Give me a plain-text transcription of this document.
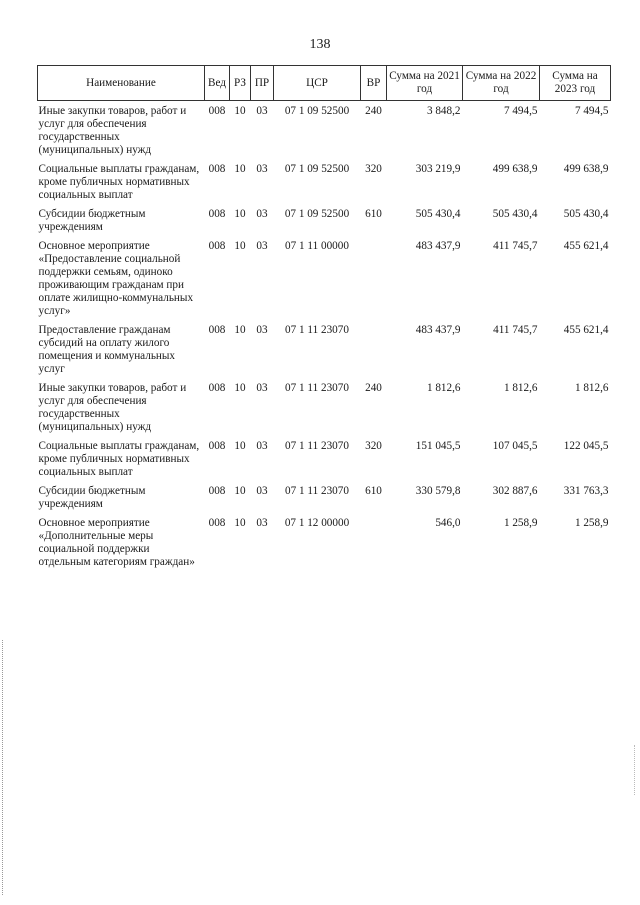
138
Наименование	Вед	РЗ	ПР	ЦСР	ВР	Сумма на 2021 год	Сумма на 2022 год	Сумма на 2023 год
Иные закупки товаров, работ и услуг для обеспечения государственных (муниципальных) нужд	008	10	03	07 1 09 52500	240	3 848,2	7 494,5	7 494,5
Социальные выплаты гражданам, кроме публичных нормативных социальных выплат	008	10	03	07 1 09 52500	320	303 219,9	499 638,9	499 638,9
Субсидии бюджетным учреждениям	008	10	03	07 1 09 52500	610	505 430,4	505 430,4	505 430,4
Основное мероприятие «Предоставление социальной поддержки семьям, одиноко проживающим гражданам при оплате жилищно-коммунальных услуг»	008	10	03	07 1 11 00000		483 437,9	411 745,7	455 621,4
Предоставление гражданам субсидий на оплату жилого помещения и коммунальных услуг	008	10	03	07 1 11 23070		483 437,9	411 745,7	455 621,4
Иные закупки товаров, работ и услуг для обеспечения государственных (муниципальных) нужд	008	10	03	07 1 11 23070	240	1 812,6	1 812,6	1 812,6
Социальные выплаты гражданам, кроме публичных нормативных социальных выплат	008	10	03	07 1 11 23070	320	151 045,5	107 045,5	122 045,5
Субсидии бюджетным учреждениям	008	10	03	07 1 11 23070	610	330 579,8	302 887,6	331 763,3
Основное мероприятие «Дополнительные меры социальной поддержки отдельным категориям граждан»	008	10	03	07 1 12 00000		546,0	1 258,9	1 258,9
